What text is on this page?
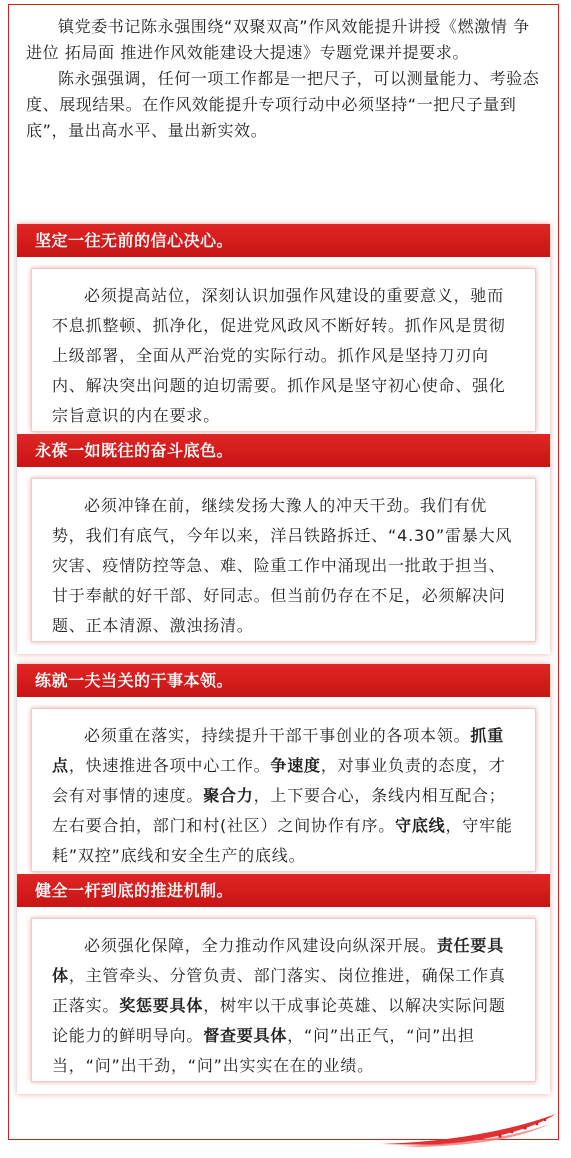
镇党委书记陈永强围绕“双聚双高”作风效能提升讲授《燃激情 争进位 拓局面 推进作风效能建设大提速》专题党课并提要求。

陈永强强调，任何一项工作都是一把尺子，可以测量能力、考验态度、展现结果。在作风效能提升专项行动中必须坚持“一把尺子量到底”，量出高水平、量出新实效。

坚定一往无前的信心决心。

必须提高站位，深刻认识加强作风建设的重要意义，驰而不息抓整顿、抓净化，促进党风政风不断好转。抓作风是贯彻上级部署，全面从严治党的实际行动。抓作风是坚持刀刃向内、解决突出问题的迫切需要。抓作风是坚守初心使命、强化宗旨意识的内在要求。

永葆一如既往的奋斗底色。

必须冲锋在前，继续发扬大豫人的冲天干劲。我们有优势，我们有底气，今年以来，洋吕铁路拆迁、“4.30”雷暴大风灾害、疫情防控等急、难、险重工作中涌现出一批敢于担当、甘于奉献的好干部、好同志。但当前仍存在不足，必须解决问题、正本清源、激浊扬清。

练就一夫当关的干事本领。

必须重在落实，持续提升干部干事创业的各项本领。抓重点，快速推进各项中心工作。争速度，对事业负责的态度，才会有对事情的速度。聚合力，上下要合心，条线内相互配合；左右要合拍，部门和村(社区）之间协作有序。守底线，守牢能耗”双控”底线和安全生产的底线。

健全一杆到底的推进机制。

必须强化保障，全力推动作风建设向纵深开展。责任要具体，主管牵头、分管负责、部门落实、岗位推进，确保工作真正落实。奖惩要具体，树牢以干成事论英雄、以解决实际问题论能力的鲜明导向。督查要具体，“问”出正气，“问”出担当，“问”出干劲，“问”出实实在在的业绩。
